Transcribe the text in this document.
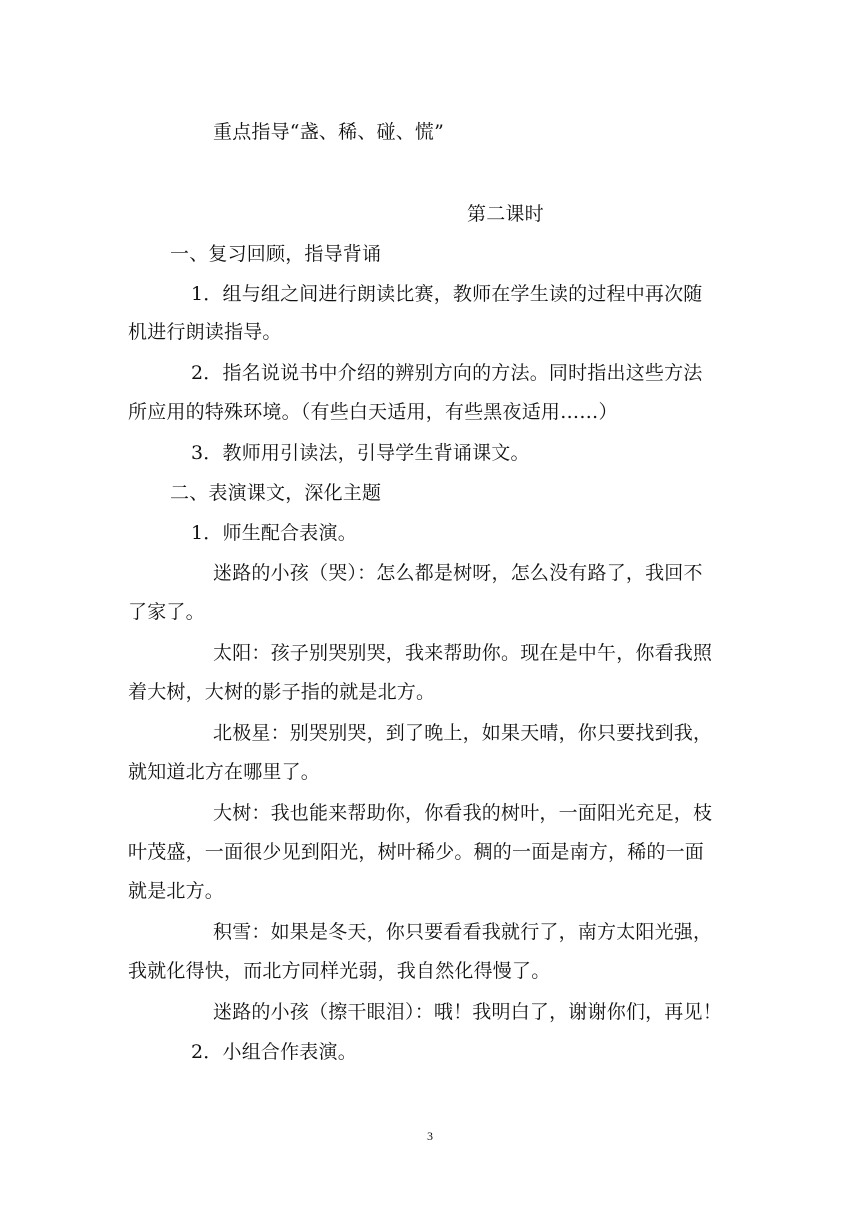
重点指导“盏、稀、碰、慌”
第二课时
一、复习回顾，指导背诵
1．组与组之间进行朗读比赛，教师在学生读的过程中再次随
机进行朗读指导。
2．指名说说书中介绍的辨别方向的方法。同时指出这些方法
所应用的特殊环境。（有些白天适用，有些黑夜适用……）
3．教师用引读法，引导学生背诵课文。
二、表演课文，深化主题
1．师生配合表演。
迷路的小孩（哭）：怎么都是树呀，怎么没有路了，我回不
了家了。
太阳：孩子别哭别哭，我来帮助你。现在是中午，你看我照
着大树，大树的影子指的就是北方。
北极星：别哭别哭，到了晚上，如果天晴，你只要找到我，
就知道北方在哪里了。
大树：我也能来帮助你，你看我的树叶，一面阳光充足，枝
叶茂盛，一面很少见到阳光，树叶稀少。稠的一面是南方，稀的一面
就是北方。
积雪：如果是冬天，你只要看看我就行了，南方太阳光强，
我就化得快，而北方同样光弱，我自然化得慢了。
迷路的小孩（擦干眼泪）：哦！我明白了，谢谢你们，再见！
2．小组合作表演。
3
